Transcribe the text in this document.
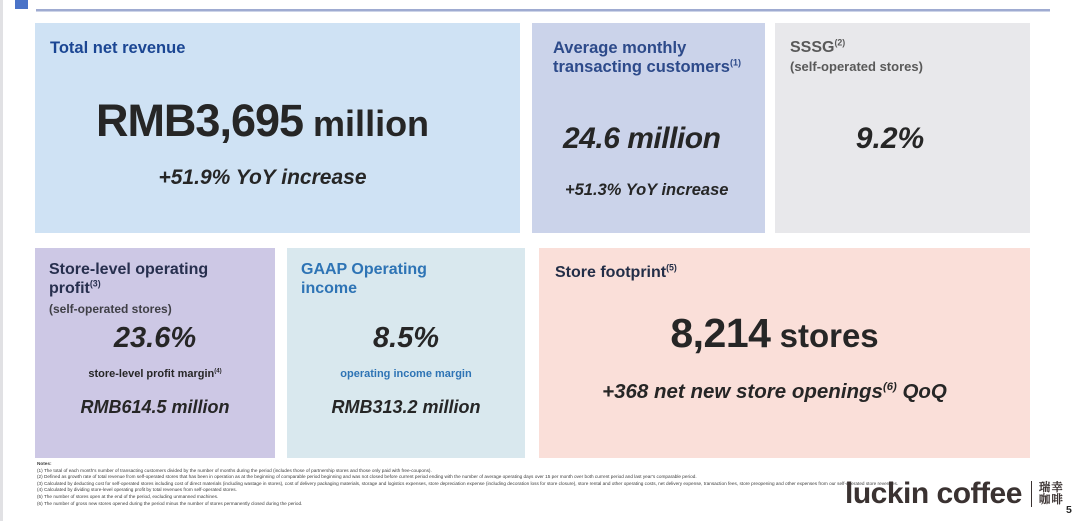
Total net revenue
RMB3,695 million
+51.9% YoY increase
Average monthly transacting customers$^{(1)}$
24.6 million
+51.3% YoY increase
SSSG$^{(2)}$
(self-operated stores)
9.2%
Store-level operating profit$^{(3)}$
(self-operated stores)
23.6%
store-level profit margin$^{(4)}$
RMB614.5 million
GAAP Operating income
8.5%
operating income margin
RMB313.2 million
Store footprint$^{(5)}$
8,214 stores
+368 net new store openings$^{(6)}$ QoQ
Notes:
(1) The total of each month's number of transacting customers divided by the number of months during the period (includes those of partnership stores and those only paid with free-coupons).
(2) Defined as growth rate of total revenue from self-operated stores that has been in operation as at the beginning of comparable period beginning and was not closed before current period ending with the number of average operating days over 15 per month over both current period and last year's comparable period.
(3) Calculated by deducting cost for self-operated stores including cost of direct materials (including wastage in stores), cost of delivery packaging materials, storage and logistics expenses, store depreciation expense (including decoration loss for store closure), store rental and other operating costs, net delivery expense, transaction fees, store preopening and other expenses from our self-operated store revenues.
(4) Calculated by dividing store-level operating profit by total revenues from self-operated stores.
(5) The number of stores open at the end of the period, excluding unmanned machines.
(6) The number of gross new stores opened during the period minus the number of stores permanently closed during the period.	luckin coffee 瑞幸
咖啡
5
